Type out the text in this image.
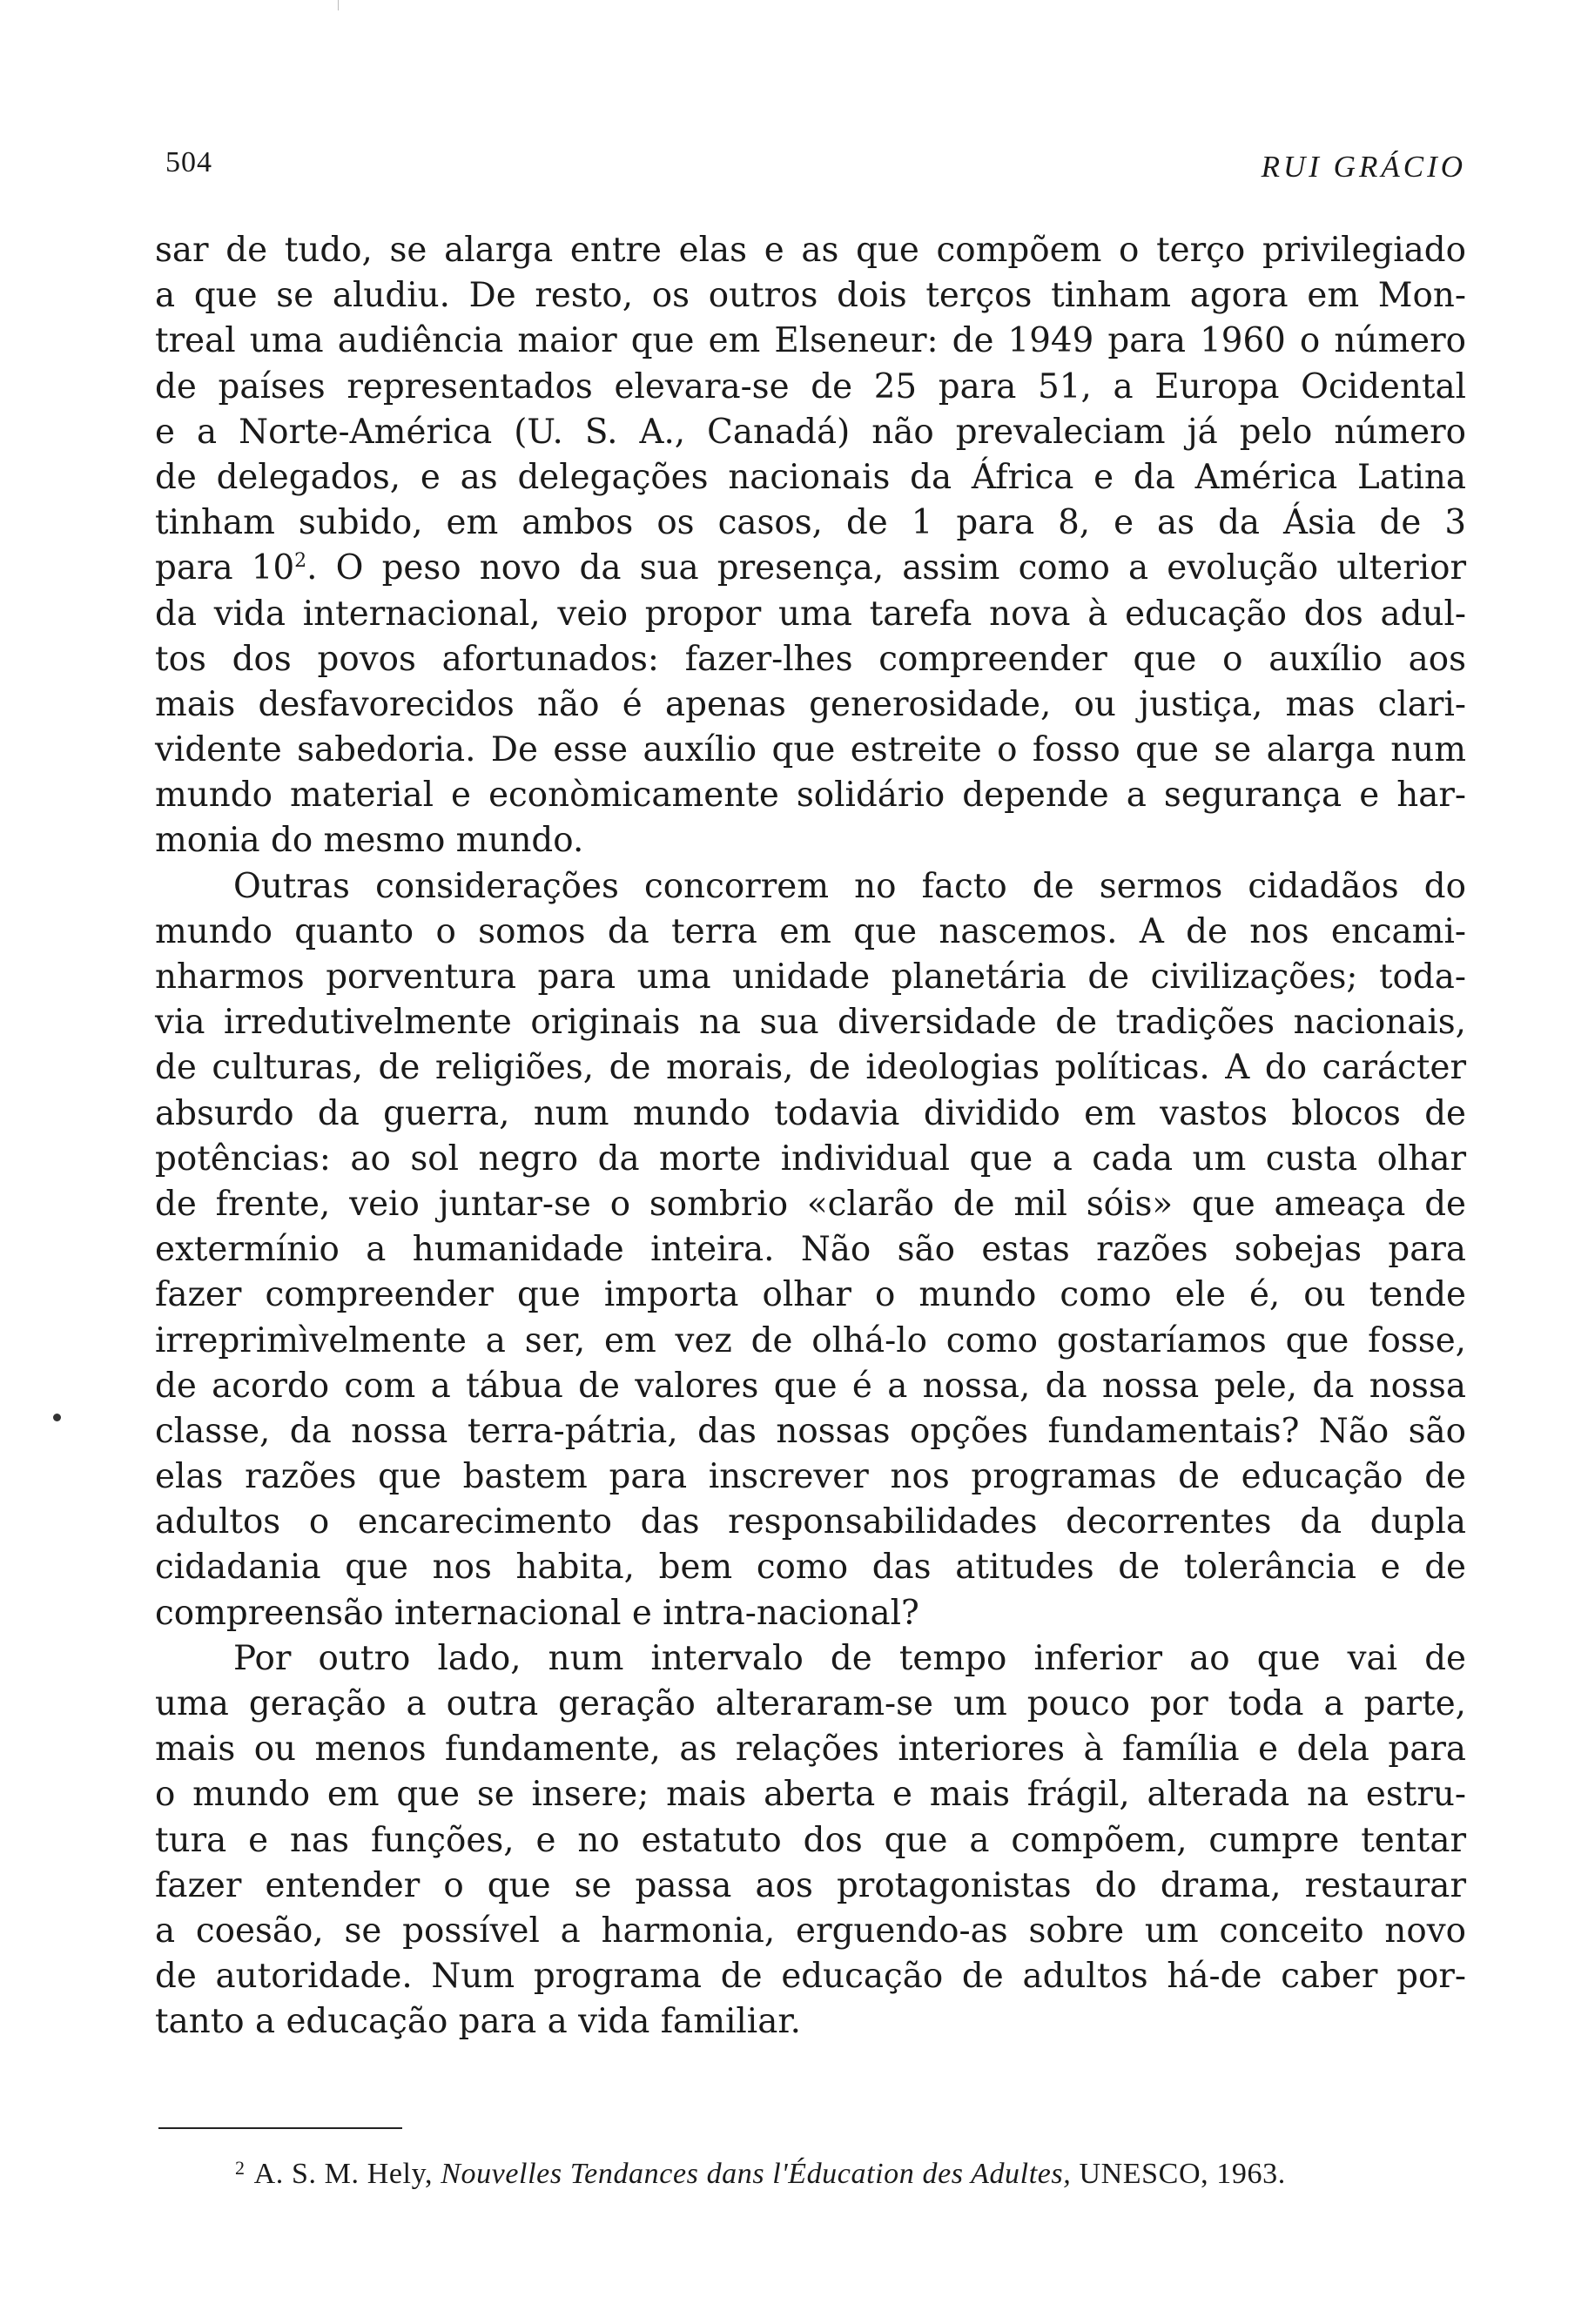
504	RUI GRÁCIO
sar de tudo, se alarga entre elas e as que compõem o terço privilegiado
a que se aludiu. De resto, os outros dois terços tinham agora em Mon-
treal uma audiência maior que em Elseneur: de 1949 para 1960 o número
de países representados elevara-se de 25 para 51, a Europa Ocidental
e a Norte-América (U. S. A., Canadá) não prevaleciam já pelo número
de delegados, e as delegações nacionais da África e da América Latina
tinham subido, em ambos os casos, de 1 para 8, e as da Ásia de 3
para $10^2$. O peso novo da sua presença, assim como a evolução ulterior
da vida internacional, veio propor uma tarefa nova à educação dos adul-
tos dos povos afortunados: fazer-lhes compreender que o auxílio aos
mais desfavorecidos não é apenas generosidade, ou justiça, mas clari-
vidente sabedoria. De esse auxílio que estreite o fosso que se alarga num
mundo material e econòmicamente solidário depende a segurança e har-
monia do mesmo mundo.
Outras considerações concorrem no facto de sermos cidadãos do
mundo quanto o somos da terra em que nascemos. A de nos encami-
nharmos porventura para uma unidade planetária de civilizações; toda-
via irredutivelmente originais na sua diversidade de tradições nacionais,
de culturas, de religiões, de morais, de ideologias políticas. A do carácter
absurdo da guerra, num mundo todavia dividido em vastos blocos de
potências: ao sol negro da morte individual que a cada um custa olhar
de frente, veio juntar-se o sombrio «clarão de mil sóis» que ameaça de
extermínio a humanidade inteira. Não são estas razões sobejas para
fazer compreender que importa olhar o mundo como ele é, ou tende
irreprimìvelmente a ser, em vez de olhá-lo como gostaríamos que fosse,
de acordo com a tábua de valores que é a nossa, da nossa pele, da nossa
classe, da nossa terra-pátria, das nossas opções fundamentais? Não são
elas razões que bastem para inscrever nos programas de educação de
adultos o encarecimento das responsabilidades decorrentes da dupla
cidadania que nos habita, bem como das atitudes de tolerância e de
compreensão internacional e intra-nacional?
Por outro lado, num intervalo de tempo inferior ao que vai de
uma geração a outra geração alteraram-se um pouco por toda a parte,
mais ou menos fundamente, as relações interiores à família e dela para
o mundo em que se insere; mais aberta e mais frágil, alterada na estru-
tura e nas funções, e no estatuto dos que a compõem, cumpre tentar
fazer entender o que se passa aos protagonistas do drama, restaurar
a coesão, se possível a harmonia, erguendo-as sobre um conceito novo
de autoridade. Num programa de educação de adultos há-de caber por-
tanto a educação para a vida familiar.
$^2$ A. S. M. Hely, Nouvelles Tendances dans l'Éducation des Adultes, UNESCO, 1963.
